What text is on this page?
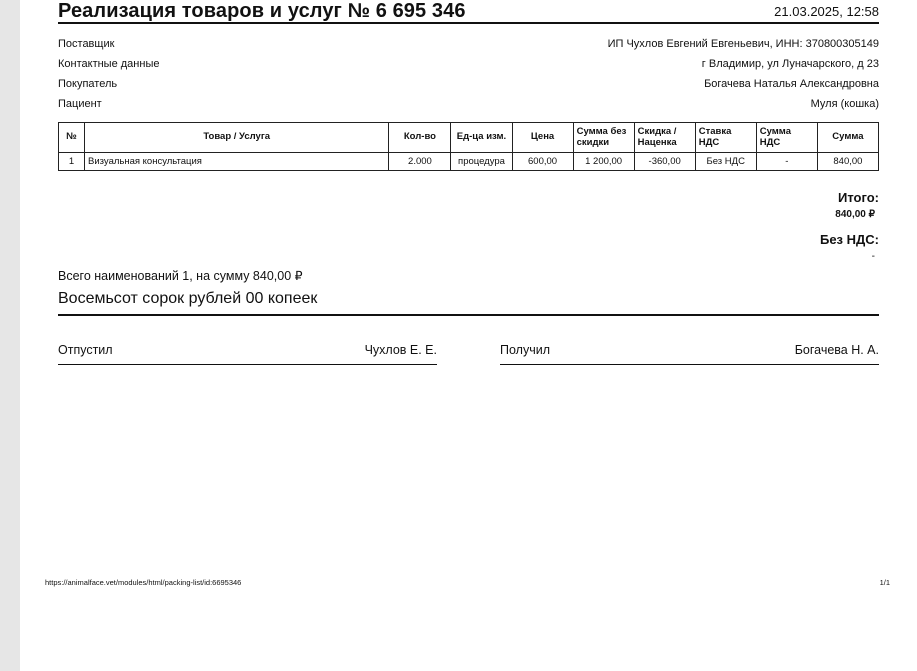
Реализация товаров и услуг № 6 695 346	21.03.2025, 12:58
Поставщик	ИП Чухлов Евгений Евгеньевич, ИНН: 370800305149
Контактные данные	г Владимир, ул Луначарского, д 23
Покупатель	Богачева Наталья Александровна
Пациент	Муля (кошка)
№	Товар / Услуга	Кол-во	Ед-ца изм.	Цена	Сумма без скидки	Скидка / Наценка	Ставка НДС	Сумма НДС	Сумма
1	Визуальная консультация	2.000	процедура	600,00	1 200,00	-360,00	Без НДС	-	840,00
Итого:
840,00 ₽
Без НДС:
-
Всего наименований 1, на сумму 840,00 ₽
Восемьсот сорок рублей 00 копеек
Отпустил	Чухлов Е. Е.	Получил	Богачева Н. А.
https://animalface.vet/modules/html/packing-list/id:6695346	1/1
